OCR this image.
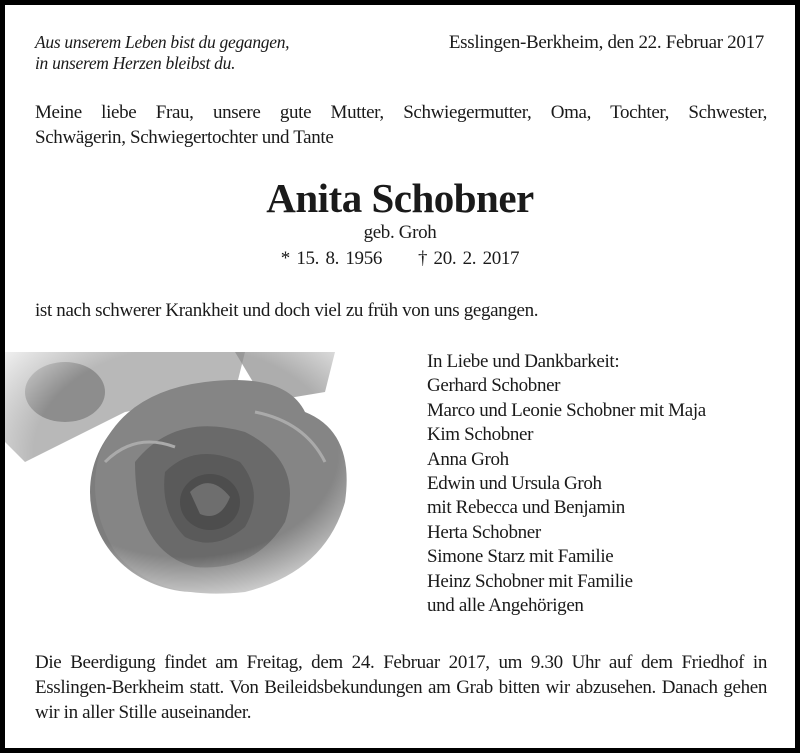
Aus unserem Leben bist du gegangen,
in unserem Herzen bleibst du.
Esslingen-Berkheim, den 22. Februar 2017
Meine liebe Frau, unsere gute Mutter, Schwiegermutter, Oma, Tochter, Schwester,
Schwägerin, Schwiegertochter und Tante
Anita Schobner
geb. Groh
* 15. 8. 1956 † 20. 2. 2017
ist nach schwerer Krankheit und doch viel zu früh von uns gegangen.
In Liebe und Dankbarkeit:
Gerhard Schobner
Marco und Leonie Schobner mit Maja
Kim Schobner
Anna Groh
Edwin und Ursula Groh
mit Rebecca und Benjamin
Herta Schobner
Simone Starz mit Familie
Heinz Schobner mit Familie
und alle Angehörigen
Die Beerdigung findet am Freitag, dem 24. Februar 2017, um 9.30 Uhr auf dem Friedhof in Esslingen-Berkheim statt. Von Beileidsbekundungen am Grab bitten wir abzusehen. Danach gehen wir in aller Stille auseinander.
